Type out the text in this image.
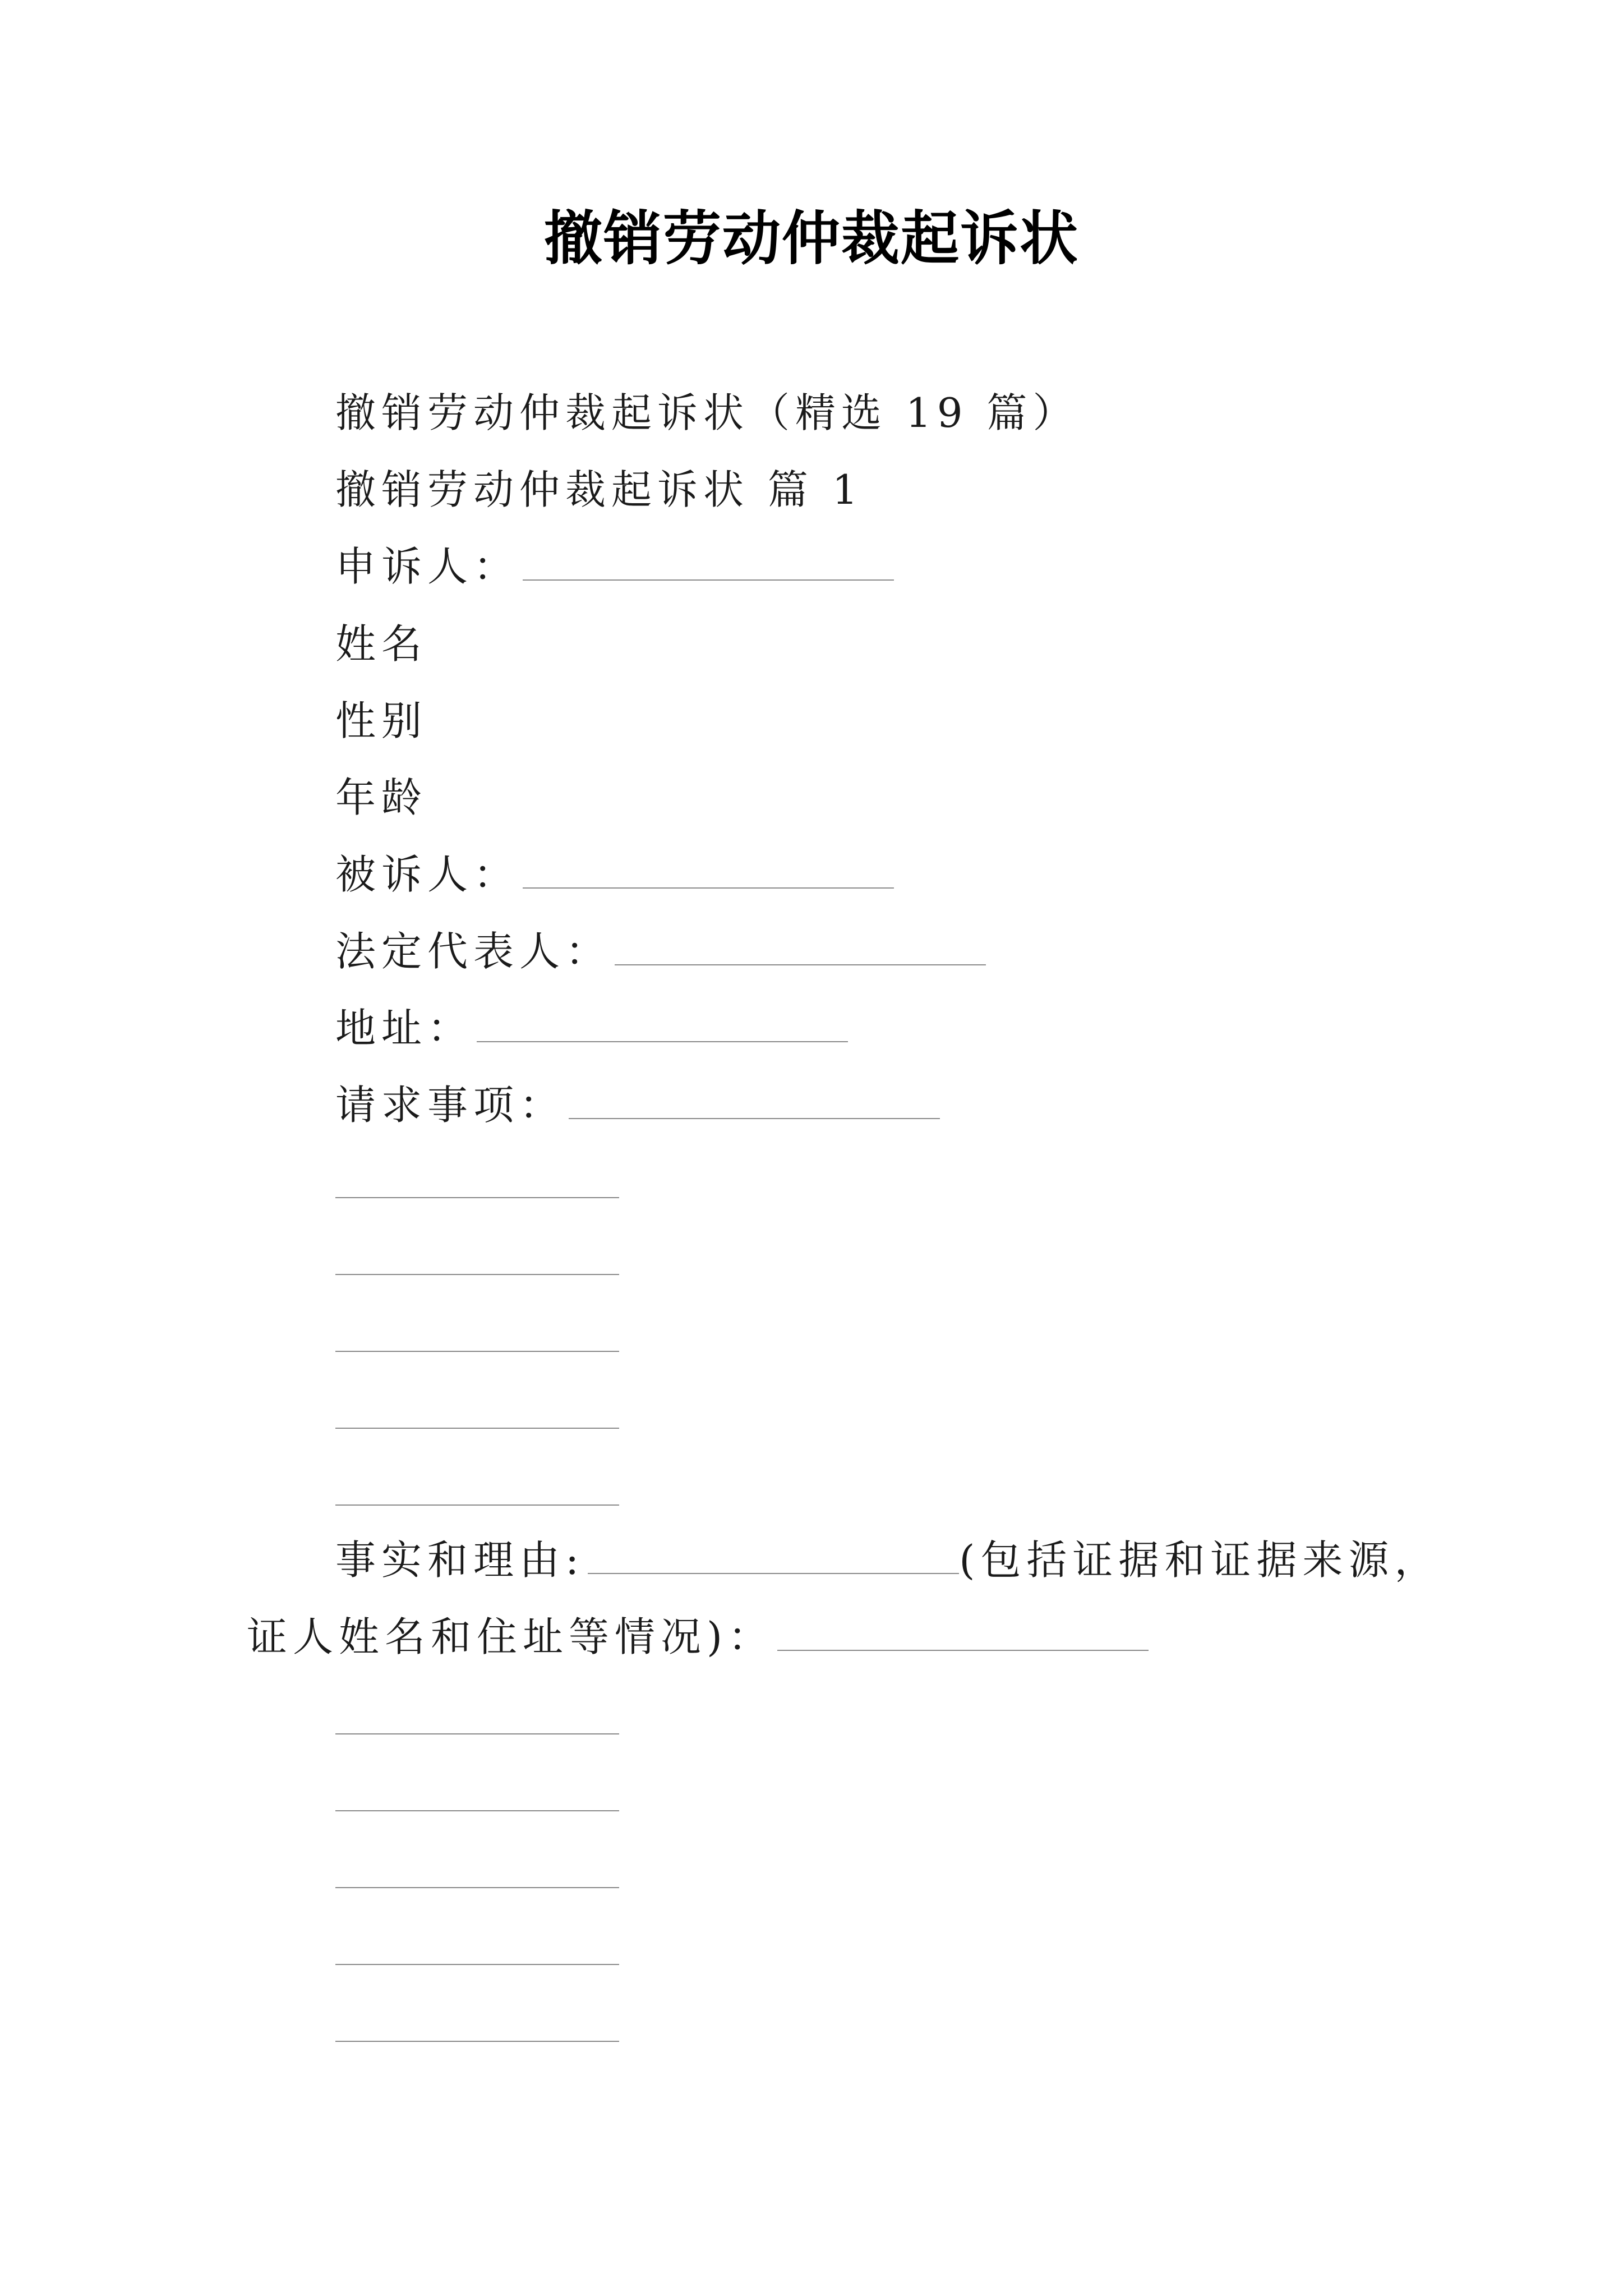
撤销劳动仲裁起诉状
撤销劳动仲裁起诉状（精选 19 篇）
撤销劳动仲裁起诉状 篇 1
申诉人：
姓名
性别
年龄
被诉人：
法定代表人：
地址：
请求事项：
事实和理由:	(包括证据和证据来源，
证人姓名和住址等情况)：
